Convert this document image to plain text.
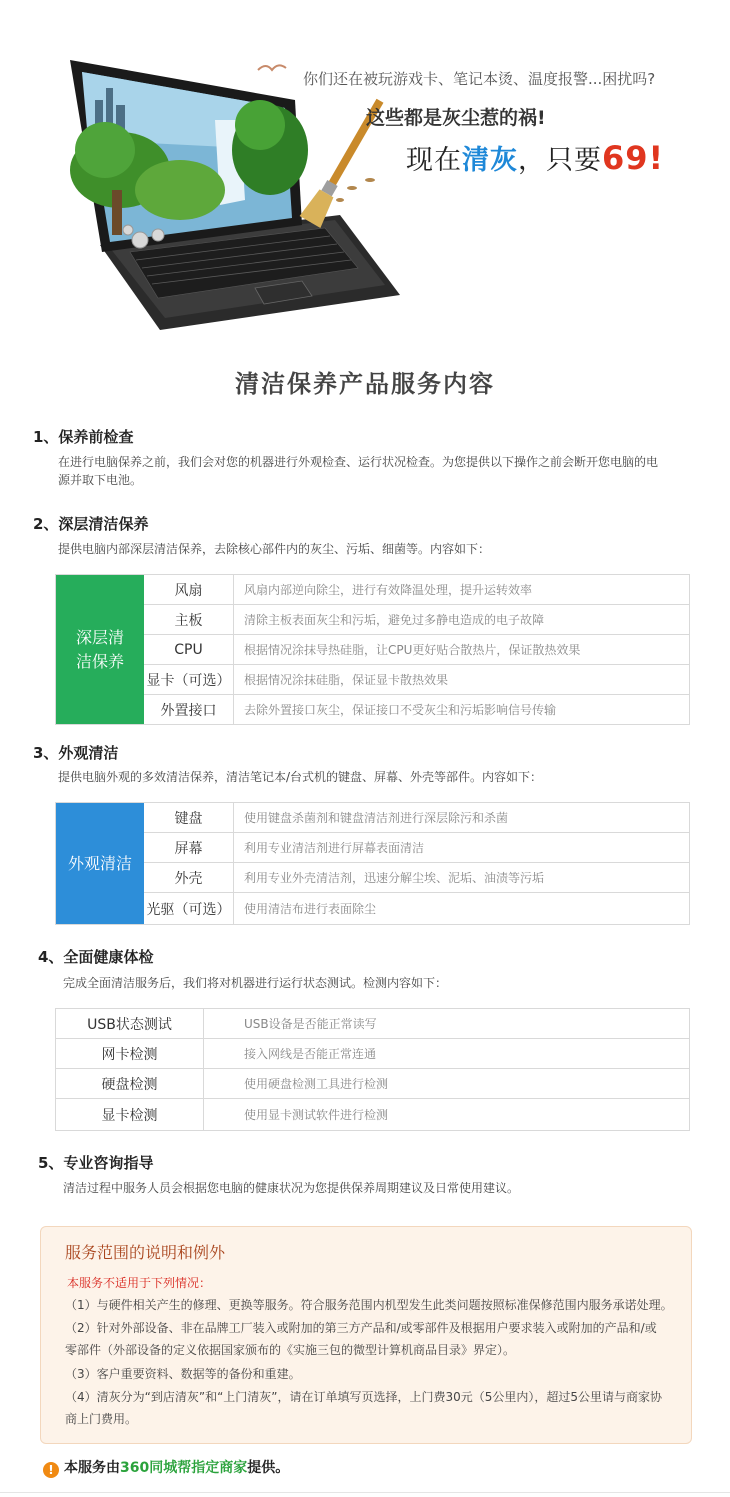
你们还在被玩游戏卡、笔记本烫、温度报警...困扰吗?
这些都是灰尘惹的祸!
现在清灰，只要69!
清洁保养产品服务内容
1、保养前检查
在进行电脑保养之前，我们会对您的机器进行外观检查、运行状况检查。为您提供以下操作之前会断开您电脑的电源并取下电池。
2、深层清洁保养
提供电脑内部深层清洁保养，去除核心部件内的灰尘、污垢、细菌等。内容如下：
深层清
洁保养
风扇	风扇内部逆向除尘，进行有效降温处理，提升运转效率
主板	清除主板表面灰尘和污垢，避免过多静电造成的电子故障
CPU	根据情况涂抹导热硅脂，让CPU更好贴合散热片，保证散热效果
显卡（可选）	根据情况涂抹硅脂，保证显卡散热效果
外置接口	去除外置接口灰尘，保证接口不受灰尘和污垢影响信号传输
3、外观清洁
提供电脑外观的多效清洁保养，清洁笔记本/台式机的键盘、屏幕、外壳等部件。内容如下：
外观清洁
键盘	使用键盘杀菌剂和键盘清洁剂进行深层除污和杀菌
屏幕	利用专业清洁剂进行屏幕表面清洁
外壳	利用专业外壳清洁剂，迅速分解尘埃、泥垢、油渍等污垢
光驱（可选）	使用清洁布进行表面除尘
4、全面健康体检
完成全面清洁服务后，我们将对机器进行运行状态测试。检测内容如下：
USB状态测试	USB设备是否能正常读写
网卡检测	接入网线是否能正常连通
硬盘检测	使用硬盘检测工具进行检测
显卡检测	使用显卡测试软件进行检测
5、专业咨询指导
清洁过程中服务人员会根据您电脑的健康状况为您提供保养周期建议及日常使用建议。
服务范围的说明和例外
本服务不适用于下列情况：
（1）与硬件相关产生的修理、更换等服务。符合服务范围内机型发生此类问题按照标准保修范围内服务承诺处理。
（2）针对外部设备、非在品牌工厂装入或附加的第三方产品和/或零部件及根据用户要求装入或附加的产品和/或零部件（外部设备的定义依据国家颁布的《实施三包的微型计算机商品目录》界定）。
（3）客户重要资料、数据等的备份和重建。
（4）清灰分为“到店清灰”和“上门清灰”，请在订单填写页选择，上门费30元（5公里内），超过5公里请与商家协商上门费用。
! 本服务由360同城帮指定商家提供。
